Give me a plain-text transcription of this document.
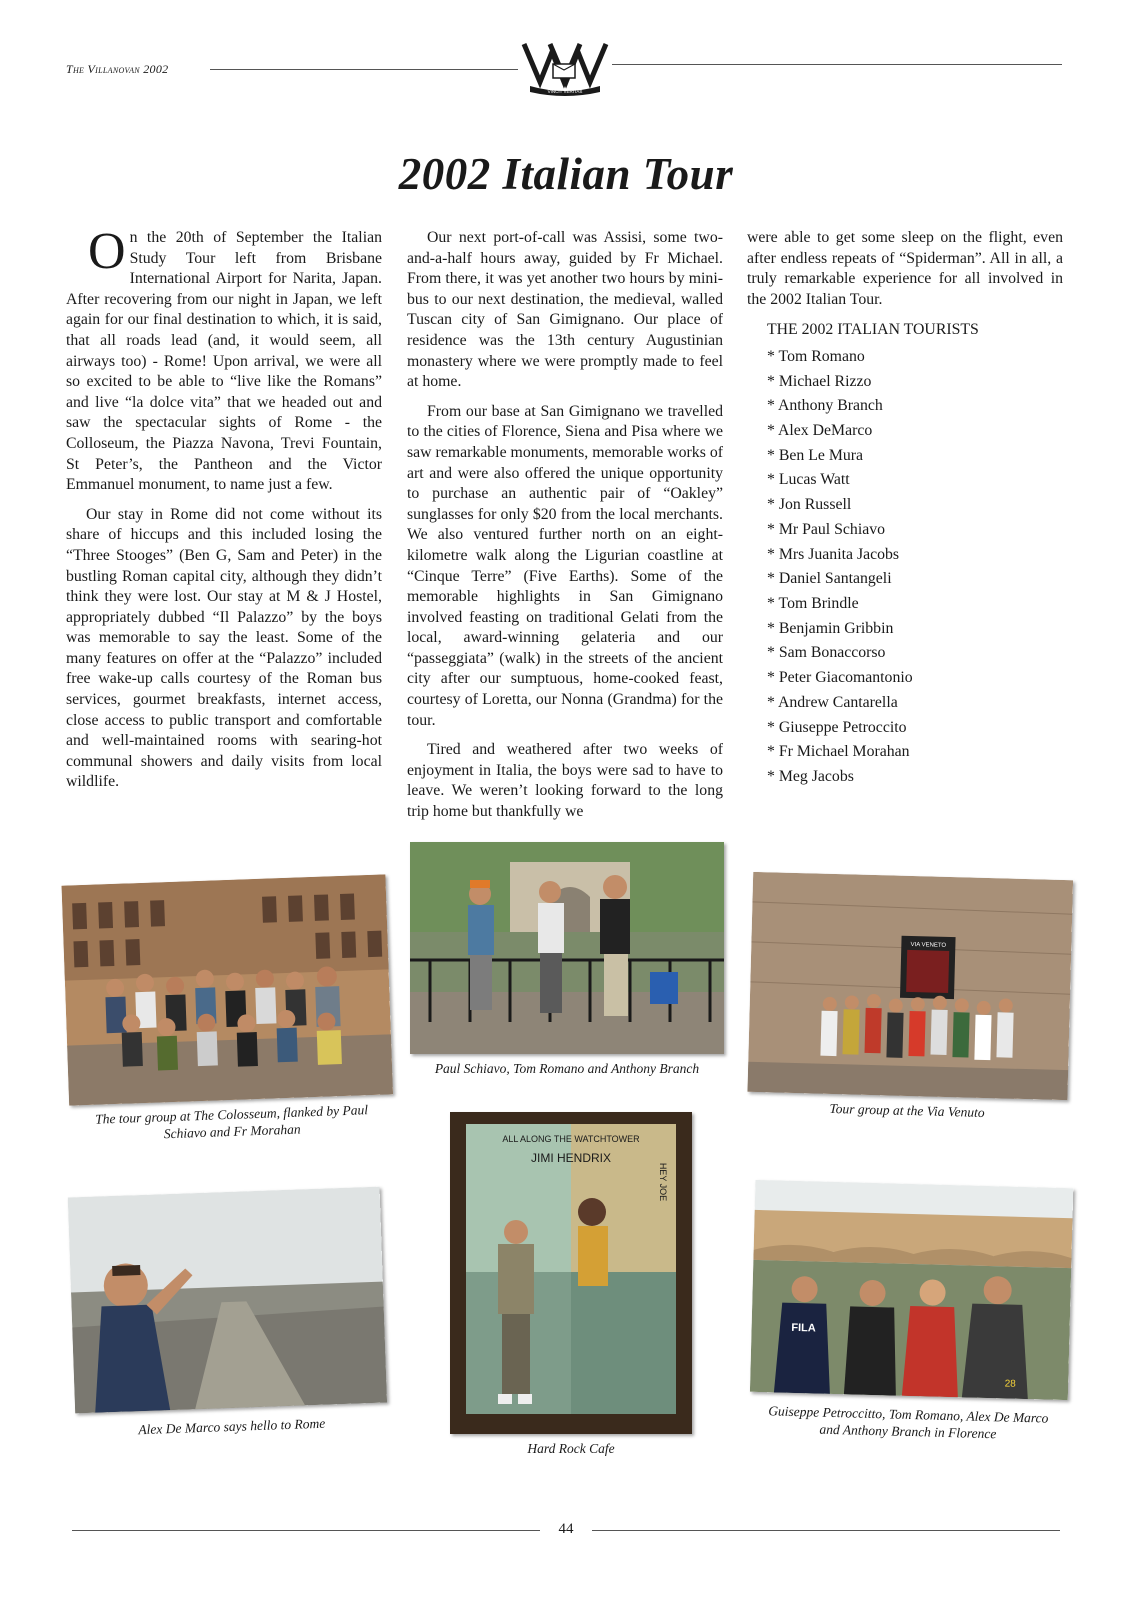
The Villanovan 2002
VINCIT VERITAS
2002 Italian Tour

On the 20th of September the Italian Study Tour left from Brisbane International Airport for Narita, Japan. After recovering from our night in Japan, we left again for our final destination to which, it is said, that all roads lead (and, it would seem, all airways too) - Rome! Upon arrival, we were all so excited to be able to “live like the Romans” and live “la dolce vita” that we headed out and saw the spectacular sights of Rome - the Colloseum, the Piazza Navona, Trevi Fountain, St Peter’s, the Pantheon and the Victor Emmanuel monument, to name just a few.

Our stay in Rome did not come without its share of hiccups and this included losing the “Three Stooges” (Ben G, Sam and Peter) in the bustling Roman capital city, although they didn’t think they were lost. Our stay at M & J Hostel, appropriately dubbed “Il Palazzo” by the boys was memorable to say the least. Some of the many features on offer at the “Palazzo” included free wake-up calls courtesy of the Roman bus services, gourmet breakfasts, internet access, close access to public transport and comfortable and well-maintained rooms with searing-hot communal showers and daily visits from local wildlife.

Our next port-of-call was Assisi, some two-and-a-half hours away, guided by Fr Michael. From there, it was yet another two hours by mini-bus to our next destination, the medieval, walled Tuscan city of San Gimignano. Our place of residence was the 13th century Augustinian monastery where we were promptly made to feel at home.

From our base at San Gimignano we travelled to the cities of Florence, Siena and Pisa where we saw remarkable monuments, memorable works of art and were also offered the unique opportunity to purchase an authentic pair of “Oakley” sunglasses for only $20 from the local merchants. We also ventured further north on an eight-kilometre walk along the Ligurian coastline at “Cinque Terre” (Five Earths). Some of the memorable highlights in San Gimignano involved feasting on traditional Gelati from the local, award-winning gelateria and our “passeggiata” (walk) in the streets of the ancient city after our sumptuous, home-cooked feast, courtesy of Loretta, our Nonna (Grandma) for the tour.

Tired and weathered after two weeks of enjoyment in Italia, the boys were sad to have to leave. We weren’t looking forward to the long trip home but thankfully we

were able to get some sleep on the flight, even after endless repeats of “Spiderman”. All in all, a truly remarkable experience for all involved in the 2002 Italian Tour.

THE 2002 ITALIAN TOURISTS
* Tom Romano
* Michael Rizzo
* Anthony Branch
* Alex DeMarco
* Ben Le Mura
* Lucas Watt
* Jon Russell
* Mr Paul Schiavo
* Mrs Juanita Jacobs
* Daniel Santangeli
* Tom Brindle
* Benjamin Gribbin
* Sam Bonaccorso
* Peter Giacomantonio
* Andrew Cantarella
* Giuseppe Petroccito
* Fr Michael Morahan
* Meg Jacobs
The tour group at The Colosseum, flanked by Paul
Schiavo and Fr Morahan
Paul Schiavo, Tom Romano and Anthony Branch
VIA VENETO
Tour group at the Via Venuto
Alex De Marco says hello to Rome
ALL ALONG THE WATCHTOWER
JIMI HENDRIX
HEY JOE
Hard Rock Cafe
FILA
28
Guiseppe Petroccitto, Tom Romano, Alex De Marco
and Anthony Branch in Florence
44
